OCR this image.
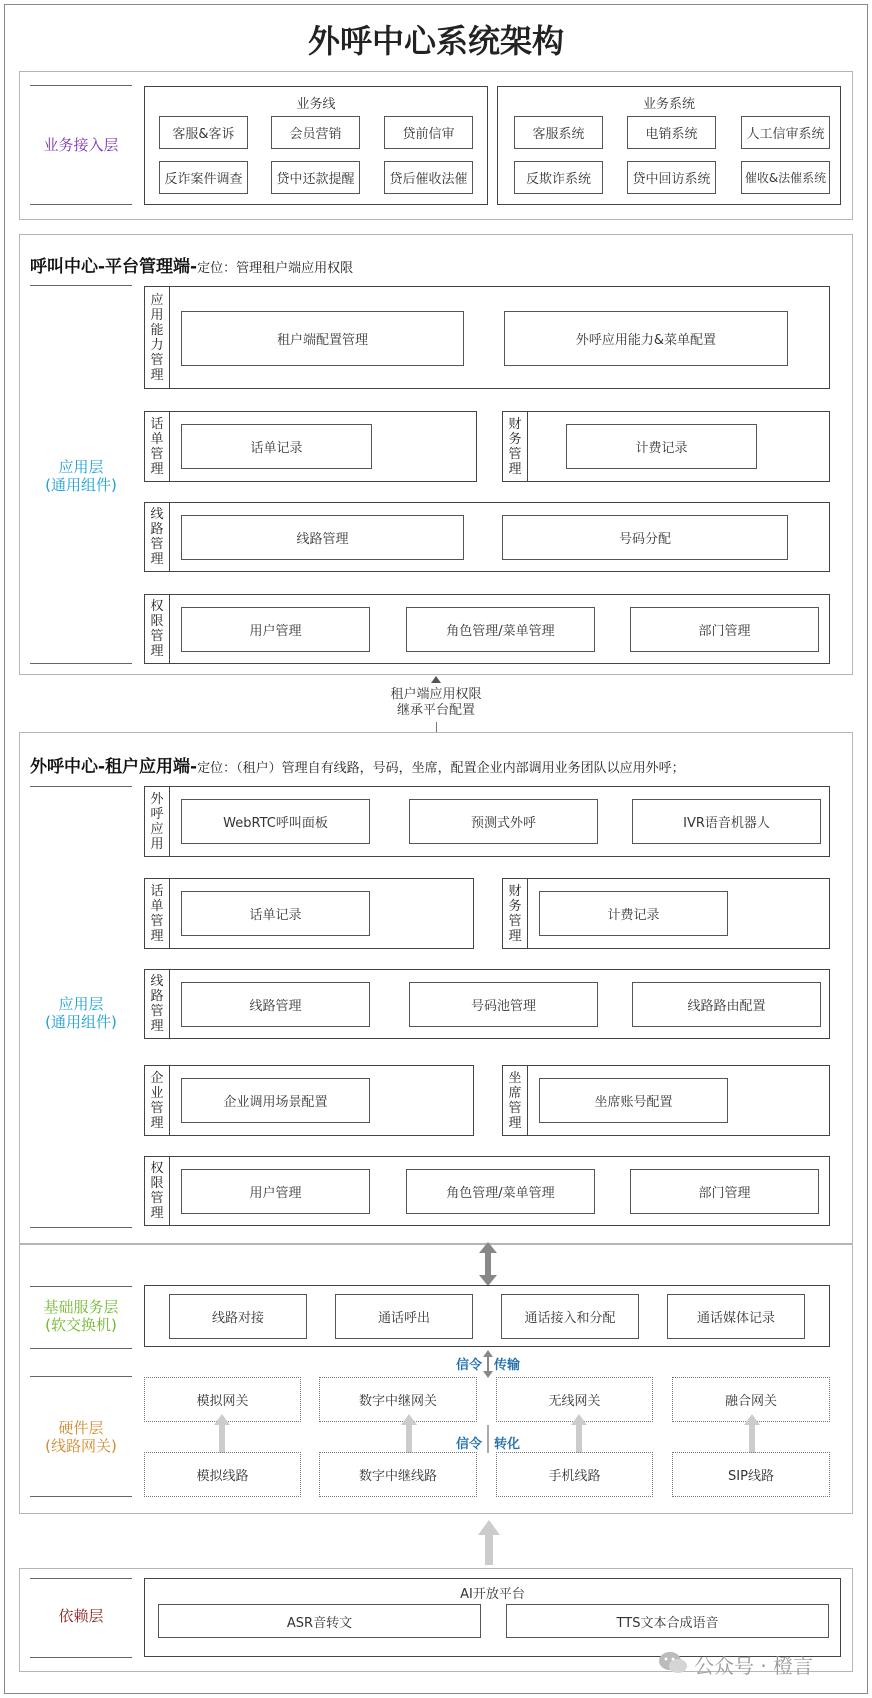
外呼中心系统架构
业务接入层
业务线
客服&客诉	会员营销	贷前信审
反诈案件调查	贷中还款提醒	贷后催收法催
业务系统
客服系统	电销系统	人工信审系统
反欺诈系统	贷中回访系统	催收&法催系统
呼叫中心-平台管理端-定位：管理租户端应用权限
应用层
(通用组件)
应用能力管理
租户端配置管理	外呼应用能力&菜单配置
话单管理
话单记录
财务管理
计费记录
线路管理
线路管理	号码分配
权限管理
用户管理	角色管理/菜单管理	部门管理
租户端应用权限
继承平台配置
外呼中心-租户应用端-定位：（租户）管理自有线路，号码，坐席，配置企业内部调用业务团队以应用外呼；
应用层
(通用组件)
外呼应用
WebRTC呼叫面板	预测式外呼	IVR语音机器人
话单管理
话单记录
财务管理
计费记录
线路管理
线路管理	号码池管理	线路路由配置
企业管理
企业调用场景配置
坐席管理
坐席账号配置
权限管理
用户管理	角色管理/菜单管理	部门管理
基础服务层
(软交换机)	线路对接	通话呼出	通话接入和分配	通话媒体记录
信令 传输
硬件层
(线路网关)
模拟网关	数字中继网关	无线网关	融合网关
信令 转化
模拟线路	数字中继线路	手机线路	SIP线路
依赖层
AI开放平台
ASR音转文	TTS文本合成语音
公众号 · 橙言
